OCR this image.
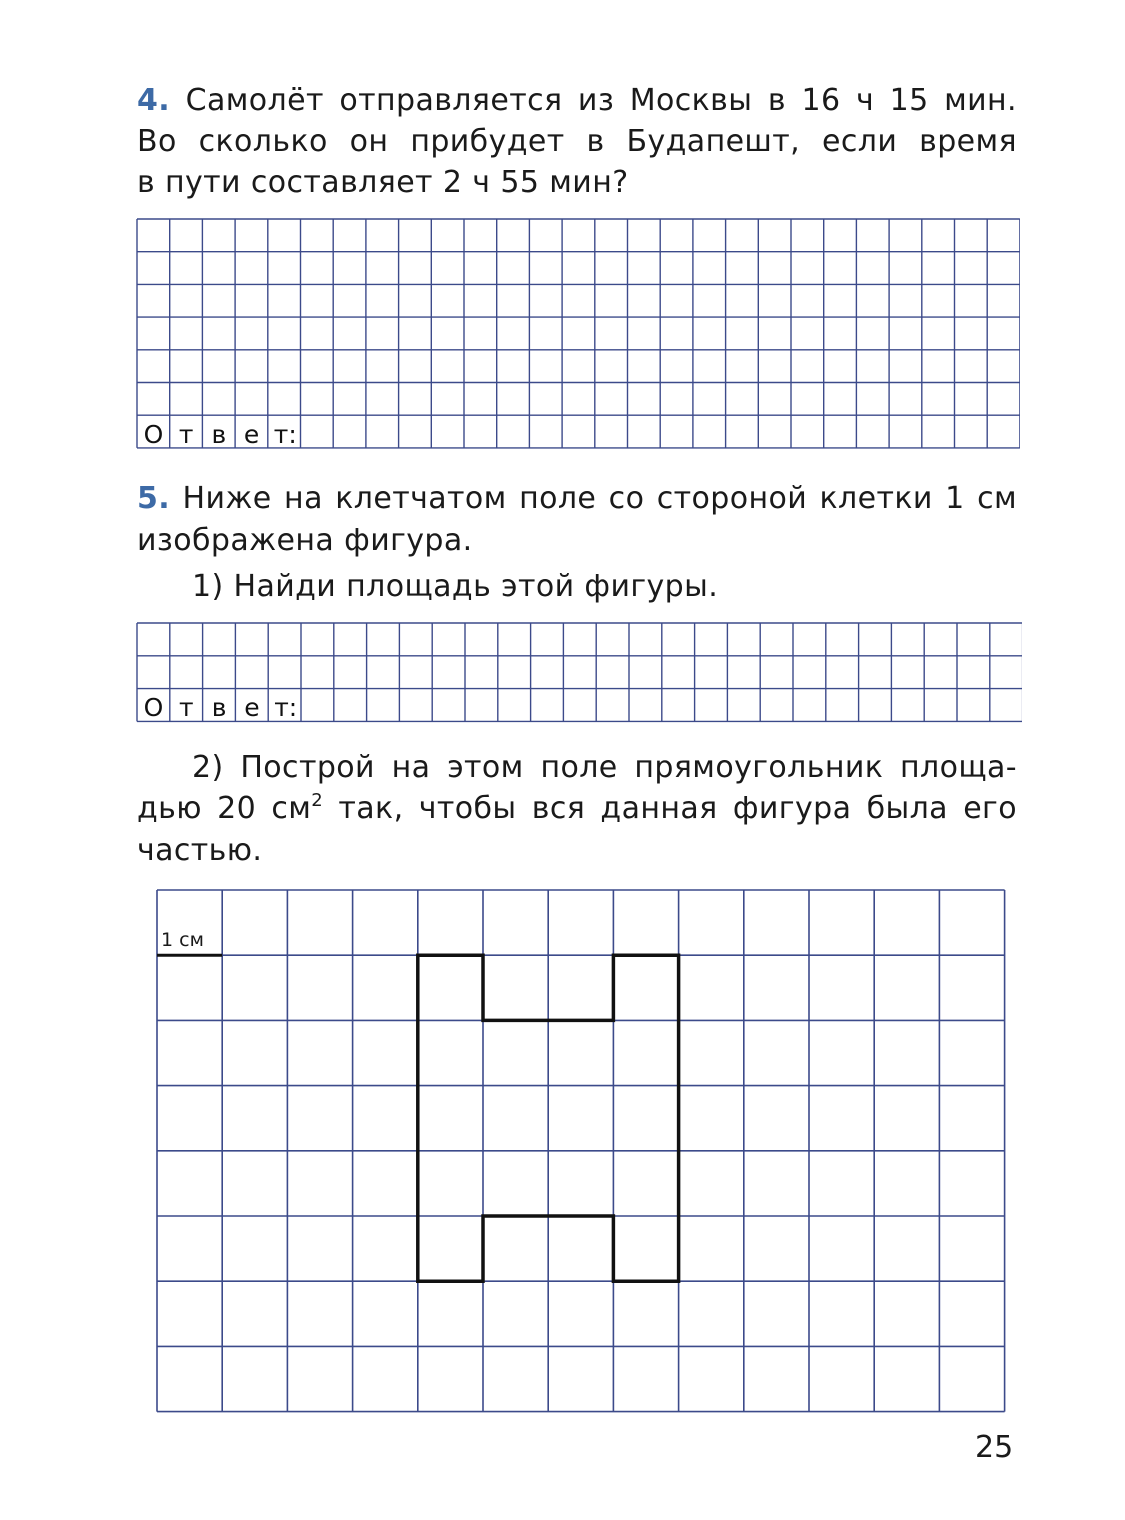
4. Самолёт отправляется из Москвы в 16 ч 15 мин.

Во сколько он прибудет в Будапешт, если время

в пути составляет 2 ч 55 мин?

О т в е т:

5. Ниже на клетчатом поле со стороной клетки 1 см

изображена фигура.

1) Найди площадь этой фигуры.

О т в е т:

2) Построй на этом поле прямоугольник площа-

дью 20 $см^2$ так, чтобы вся данная фигура была его

частью.

1 см
25
